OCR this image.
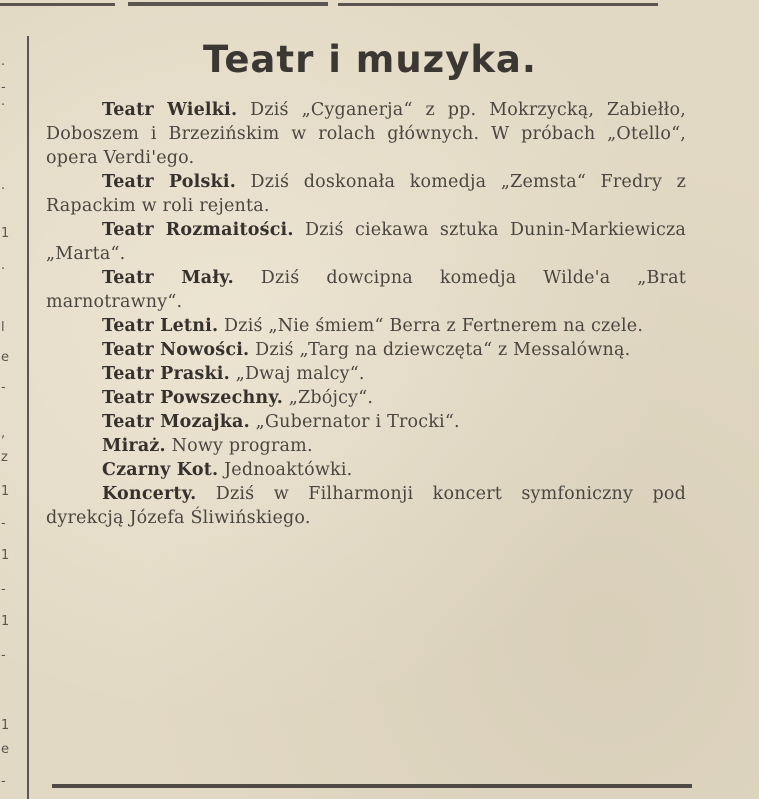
.
-
.
.
1
.
l
e
-
,
z
1
-
1
-
1
-
1
e
-
Teatr i muzyka.

Teatr Wielki. Dziś „Cyganerja“ z pp. Mokrzycką, Zabiełło, Doboszem i Brzezińskim w rolach głównych. W próbach „Otello“, opera Verdi'ego.

Teatr Polski. Dziś doskonała komedja „Zemsta“ Fredry z Rapackim w roli rejenta.

Teatr Rozmaitości. Dziś ciekawa sztuka Dunin-Markiewicza „Marta“.

Teatr Mały. Dziś dowcipna komedja Wilde'a „Brat marnotrawny“.

Teatr Letni. Dziś „Nie śmiem“ Berra z Fertnerem na czele.

Teatr Nowości. Dziś „Targ na dziewczęta“ z Messalówną.

Teatr Praski. „Dwaj malcy“.

Teatr Powszechny. „Zbójcy“.

Teatr Mozajka. „Gubernator i Trocki“.

Miraż. Nowy program.

Czarny Kot. Jednoaktówki.

Koncerty. Dziś w Filharmonji koncert symfoniczny pod dyrekcją Józefa Śliwińskiego.
